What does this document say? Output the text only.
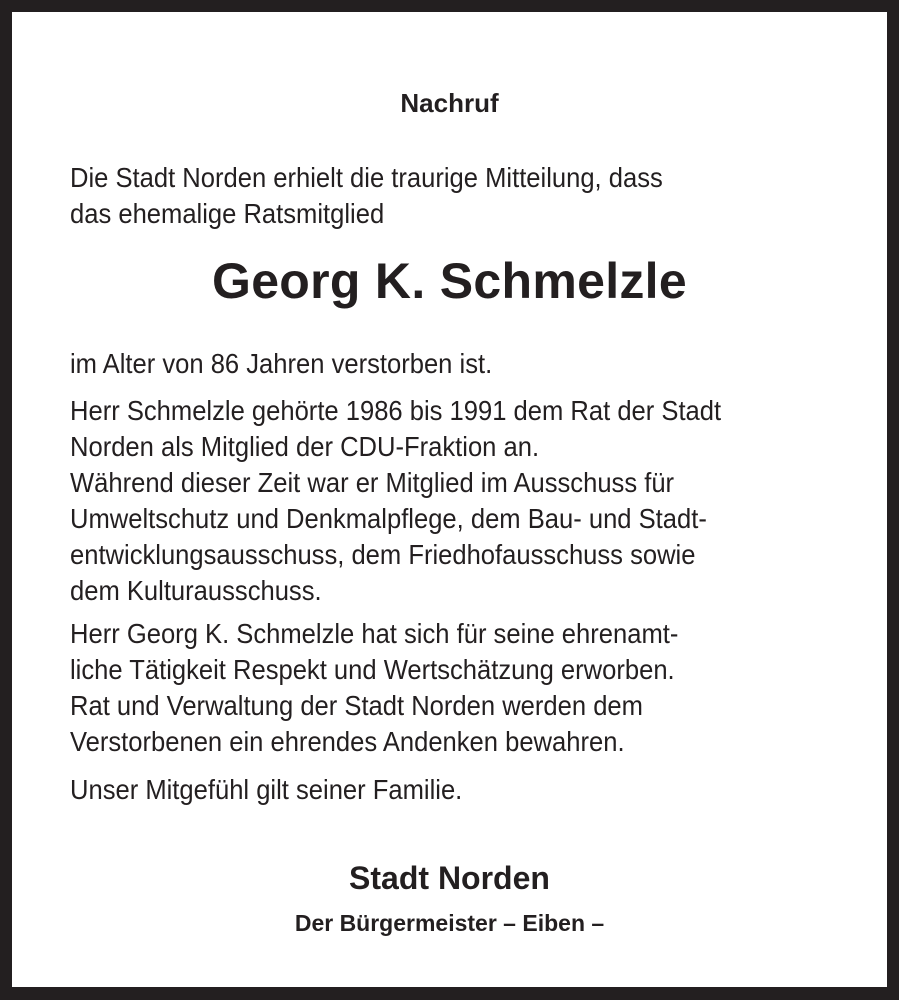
Nachruf
Die Stadt Norden erhielt die traurige Mitteilung, dass
das ehemalige Ratsmitglied
Georg K. Schmelzle
im Alter von 86 Jahren verstorben ist.
Herr Schmelzle gehörte 1986 bis 1991 dem Rat der Stadt
Norden als Mitglied der CDU-Fraktion an.
Während dieser Zeit war er Mitglied im Ausschuss für
Umweltschutz und Denkmalpflege, dem Bau- und Stadt-
entwicklungsausschuss, dem Friedhofausschuss sowie
dem Kulturausschuss.
Herr Georg K. Schmelzle hat sich für seine ehrenamt-
liche Tätigkeit Respekt und Wertschätzung erworben.
Rat und Verwaltung der Stadt Norden werden dem
Verstorbenen ein ehrendes Andenken bewahren.
Unser Mitgefühl gilt seiner Familie.
Stadt Norden
Der Bürgermeister – Eiben –
